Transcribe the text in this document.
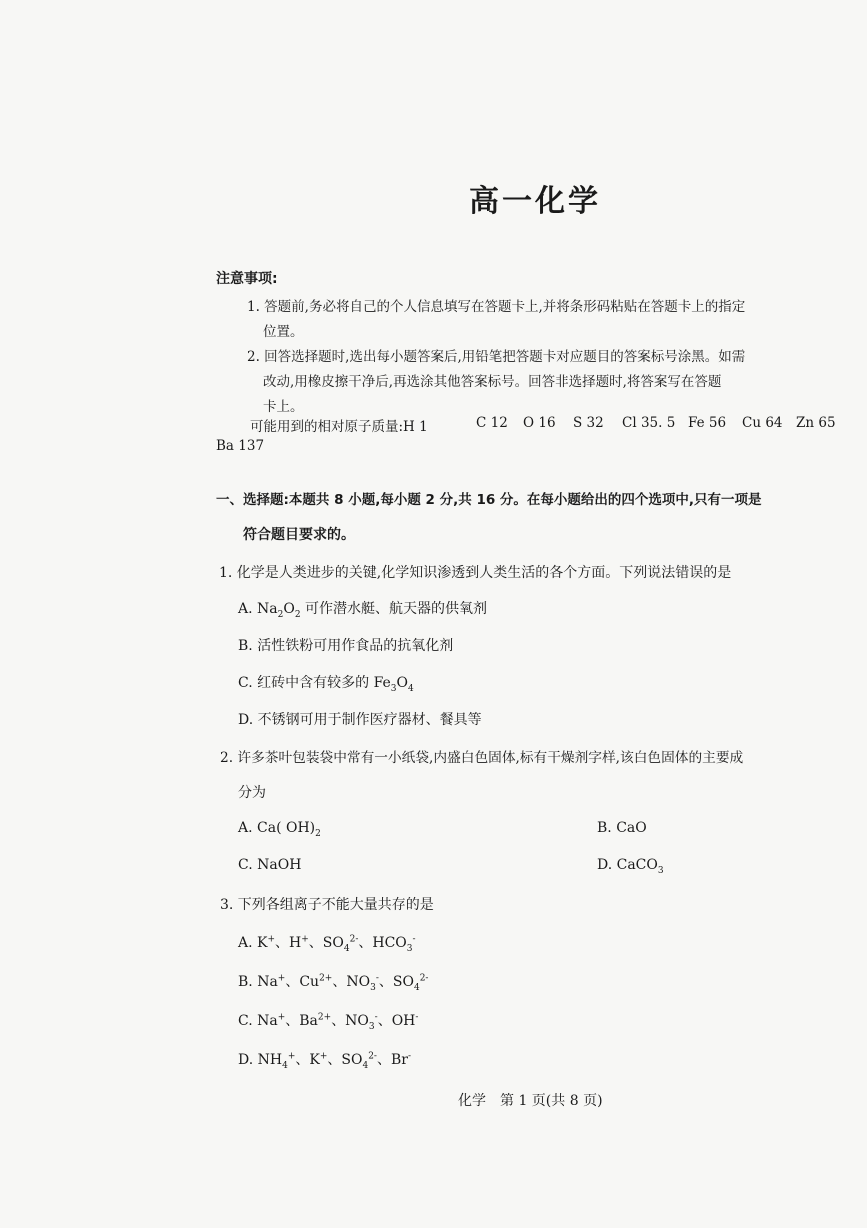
高一化学
注意事项:
1. 答题前,务必将自己的个人信息填写在答题卡上,并将条形码粘贴在答题卡上的指定
位置。
2. 回答选择题时,选出每小题答案后,用铅笔把答题卡对应题目的答案标号涂黑。如需
改动,用橡皮擦干净后,再选涂其他答案标号。回答非选择题时,将答案写在答题
卡上。
可能用到的相对原子质量:H 1	C 12 O 16 S 32 Cl 35. 5 Fe 56 Cu 64 Zn 65
Ba 137
一、选择题:本题共 8 小题,每小题 2 分,共 16 分。在每小题给出的四个选项中,只有一项是
符合题目要求的。
1. 化学是人类进步的关键,化学知识渗透到人类生活的各个方面。下列说法错误的是
A. $Na_2O_2$ 可作潜水艇、航天器的供氧剂
B. 活性铁粉可用作食品的抗氧化剂
C. 红砖中含有较多的 $Fe_3O_4$
D. 不锈钢可用于制作医疗器材、餐具等
2. 许多茶叶包装袋中常有一小纸袋,内盛白色固体,标有干燥剂字样,该白色固体的主要成
分为
A. Ca( $OH)_2$	B. CaO
C. NaOH	D. CaCO$_3$
3. 下列各组离子不能大量共存的是
A. K+、H+、$SO_4^{2-}$、$HCO_3^-$
B. Na+、$Cu^{2+}$、$NO_3^-$、$SO_4^{2-}$
C. Na+、$Ba^{2+}$、$NO_3^-$、OH-
D. $NH_4^+$、K+、$SO_4^{2-}$、Br-
化学　第 1 页(共 8 页)
